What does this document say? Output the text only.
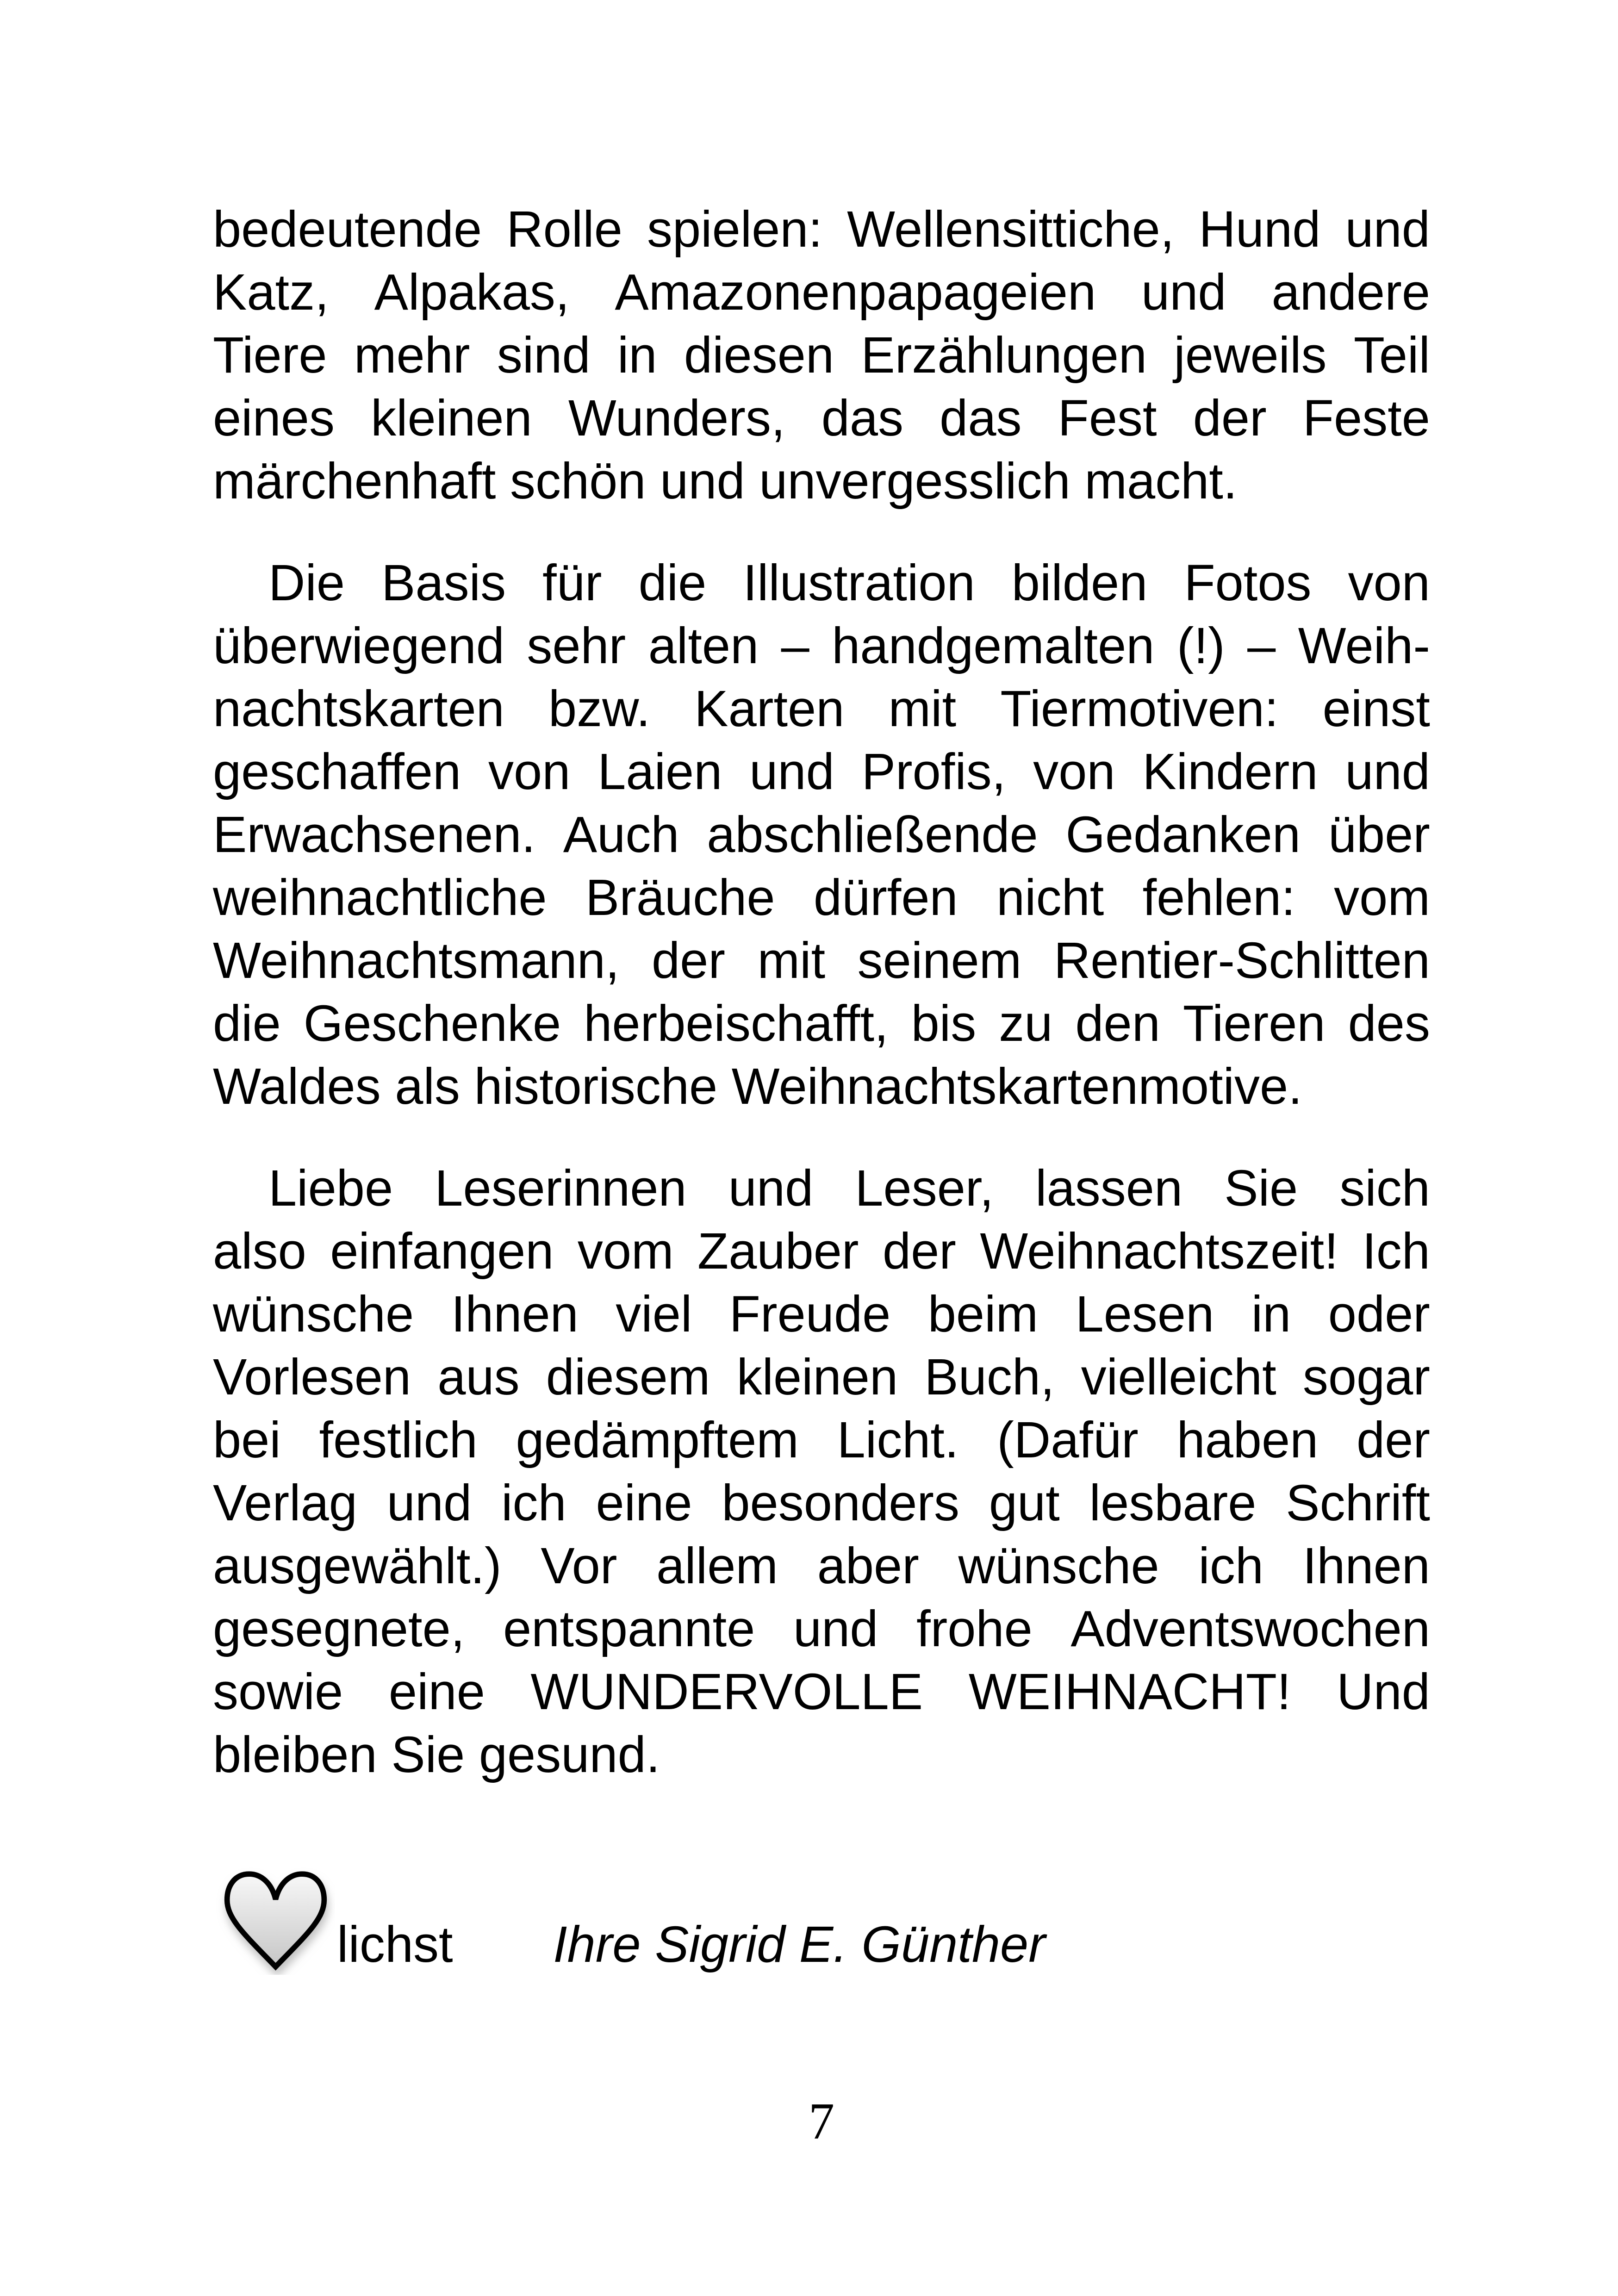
bedeutende Rolle spielen: Wellensittiche, Hund und
Katz, Alpakas, Amazonenpapageien und andere
Tiere mehr sind in diesen Erzählungen jeweils Teil
eines kleinen Wunders, das das Fest der Feste
märchenhaft schön und unvergesslich macht.
Die Basis für die Illustration bilden Fotos von
überwiegend sehr alten – handgemalten (!) – Weih-
nachtskarten bzw. Karten mit Tiermotiven: einst
geschaffen von Laien und Profis, von Kindern und
Erwachsenen. Auch abschließende Gedanken über
weihnachtliche Bräuche dürfen nicht fehlen: vom
Weihnachtsmann, der mit seinem Rentier-Schlitten
die Geschenke herbeischafft, bis zu den Tieren des
Waldes als historische Weihnachtskartenmotive.
Liebe Leserinnen und Leser, lassen Sie sich
also einfangen vom Zauber der Weihnachtszeit! Ich
wünsche Ihnen viel Freude beim Lesen in oder
Vorlesen aus diesem kleinen Buch, vielleicht sogar
bei festlich gedämpftem Licht. (Dafür haben der
Verlag und ich eine besonders gut lesbare Schrift
ausgewählt.) Vor allem aber wünsche ich Ihnen
gesegnete, entspannte und frohe Adventswochen
sowie eine WUNDERVOLLE WEIHNACHT! Und
bleiben Sie gesund.
lichst Ihre Sigrid E. Günther
7
